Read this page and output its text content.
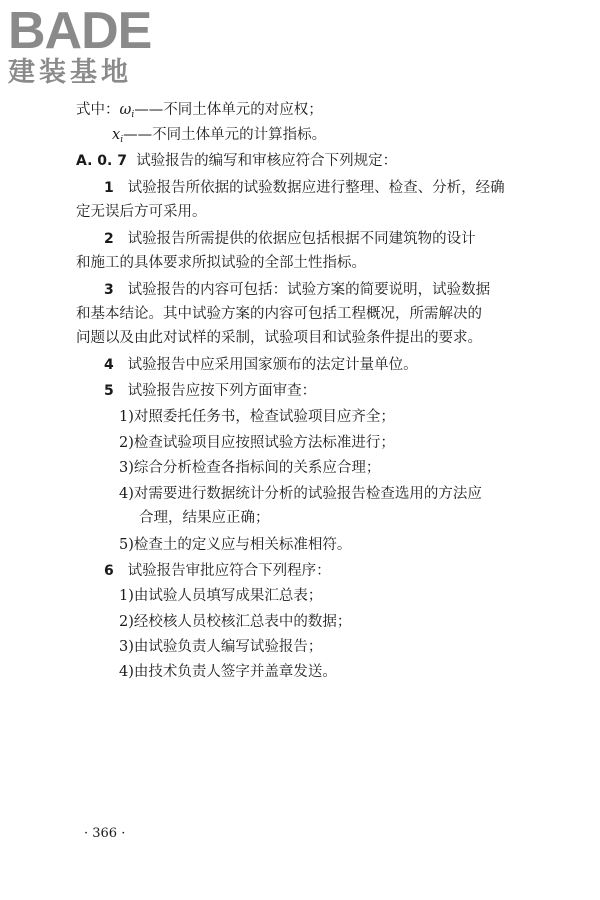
BADE
建装基地
式中：$\omega_i——$不同土体单元的对应权；
$x_i——$不同土体单元的计算指标。
A. 0. 7 试验报告的编写和审核应符合下列规定：
1 试验报告所依据的试验数据应进行整理、检查、分析，经确
定无误后方可采用。
2 试验报告所需提供的依据应包括根据不同建筑物的设计
和施工的具体要求所拟试验的全部土性指标。
3 试验报告的内容可包括：试验方案的简要说明，试验数据
和基本结论。其中试验方案的内容可包括工程概况，所需解决的
问题以及由此对试样的采制，试验项目和试验条件提出的要求。
4 试验报告中应采用国家颁布的法定计量单位。
5 试验报告应按下列方面审查：
1)对照委托任务书，检查试验项目应齐全；
2)检查试验项目应按照试验方法标准进行；
3)综合分析检查各指标间的关系应合理；
4)对需要进行数据统计分析的试验报告检查选用的方法应
合理，结果应正确；
5)检查土的定义应与相关标准相符。
6 试验报告审批应符合下列程序：
1)由试验人员填写成果汇总表；
2)经校核人员校核汇总表中的数据；
3)由试验负责人编写试验报告；
4)由技术负责人签字并盖章发送。
· 366 ·
